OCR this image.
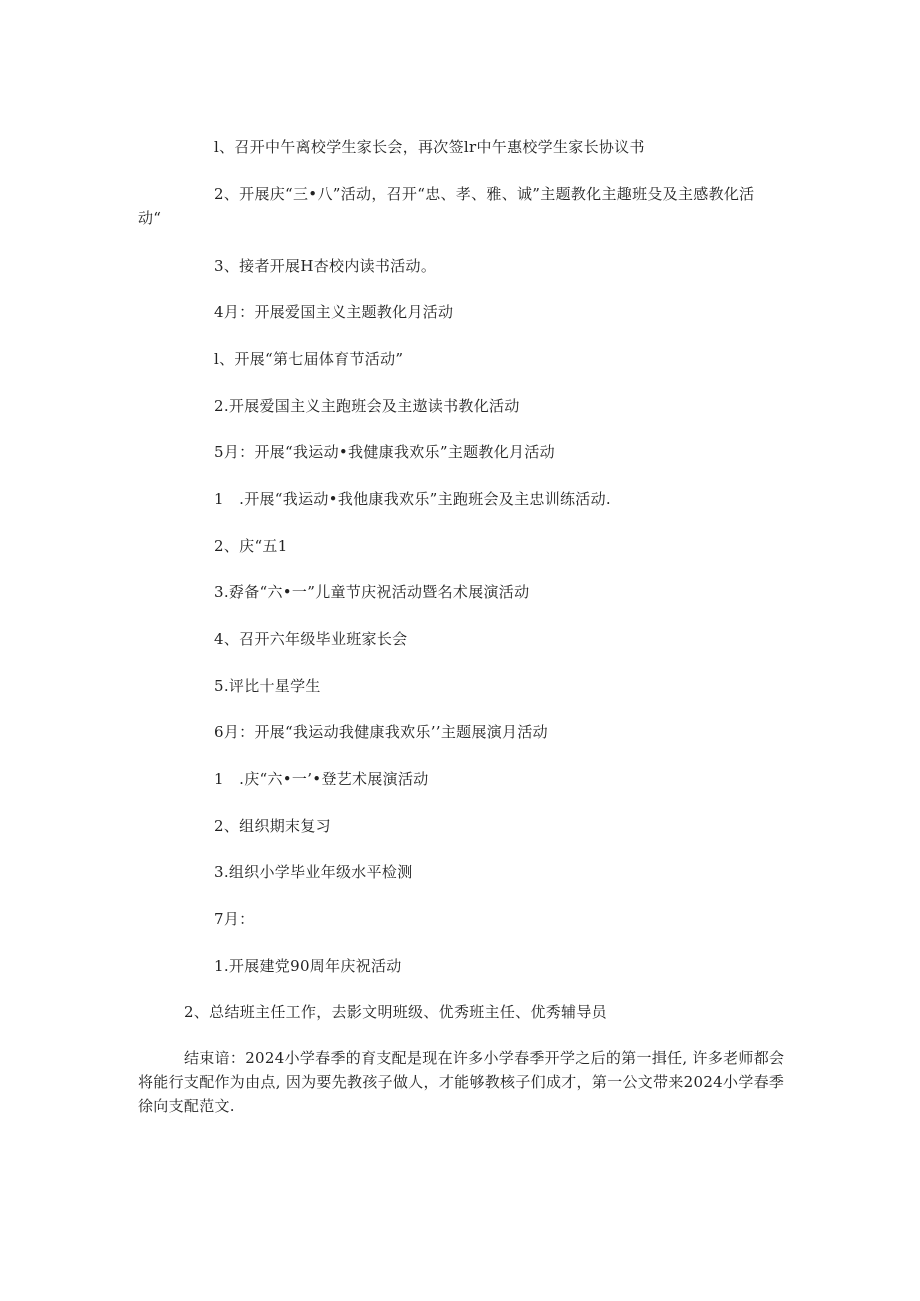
l、召开中午离校学生家长会，再次签lr中午惠校学生家长协议书
2、开展庆“三•八”活动，召开“忠、孝、雅、诚”主题教化主趣班殳及主感教化活
动“
3、接者开展H杏校内读书活动。
4月：开展爱国主义主题教化月活动
l、开展“第七届体育节活动”
2.开展爱国主义主跑班会及主遨读书教化活动
5月：开展“我运动•我健康我欢乐”主题教化月活动
1　.开展“我运动•我他康我欢乐”主跑班会及主忠训练活动.
2、庆“五1
3.孬备“六•一”儿童节庆祝活动暨名术展演活动
4、召开六年级毕业班家长会
5.评比十星学生
6月：开展“我运动我健康我欢乐’’主题展演月活动
1　.庆“六•一’•登艺术展演活动
2、组织期末复习
3.组织小学毕业年级水平检测
7月：
1.开展建党90周年庆祝活动
2、总结班主任工作，去影文明班级、优秀班主任、优秀辅导员
结束谙：2024小学春季的育支配是现在许多小学春季开学之后的第一揖任, 许多老师都会
将能行支配作为由点, 因为要先教孩子做人，才能够教核子们成才，第一公文带来2024小学春季
徐向支配范文.
